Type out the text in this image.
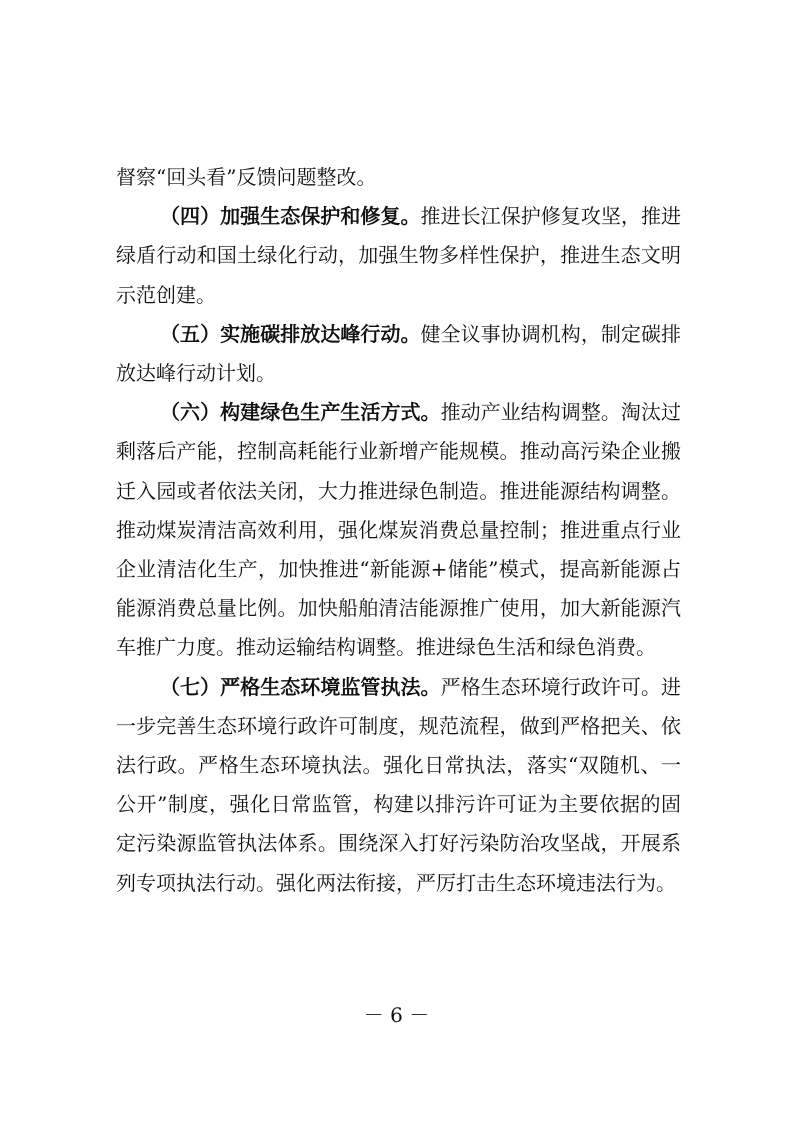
督察“回头看”反馈问题整改。

（四）加强生态保护和修复。推进长江保护修复攻坚，推进绿盾行动和国土绿化行动，加强生物多样性保护，推进生态文明示范创建。

（五）实施碳排放达峰行动。健全议事协调机构，制定碳排放达峰行动计划。

（六）构建绿色生产生活方式。推动产业结构调整。淘汰过剩落后产能，控制高耗能行业新增产能规模。推动高污染企业搬迁入园或者依法关闭，大力推进绿色制造。推进能源结构调整。推动煤炭清洁高效利用，强化煤炭消费总量控制；推进重点行业企业清洁化生产，加快推进“新能源+储能”模式，提高新能源占能源消费总量比例。加快船舶清洁能源推广使用，加大新能源汽车推广力度。推动运输结构调整。推进绿色生活和绿色消费。

（七）严格生态环境监管执法。严格生态环境行政许可。进一步完善生态环境行政许可制度，规范流程，做到严格把关、依法行政。严格生态环境执法。强化日常执法，落实“双随机、一公开”制度，强化日常监管，构建以排污许可证为主要依据的固定污染源监管执法体系。围绕深入打好污染防治攻坚战，开展系列专项执法行动。强化两法衔接，严厉打击生态环境违法行为。

－ 6 －
